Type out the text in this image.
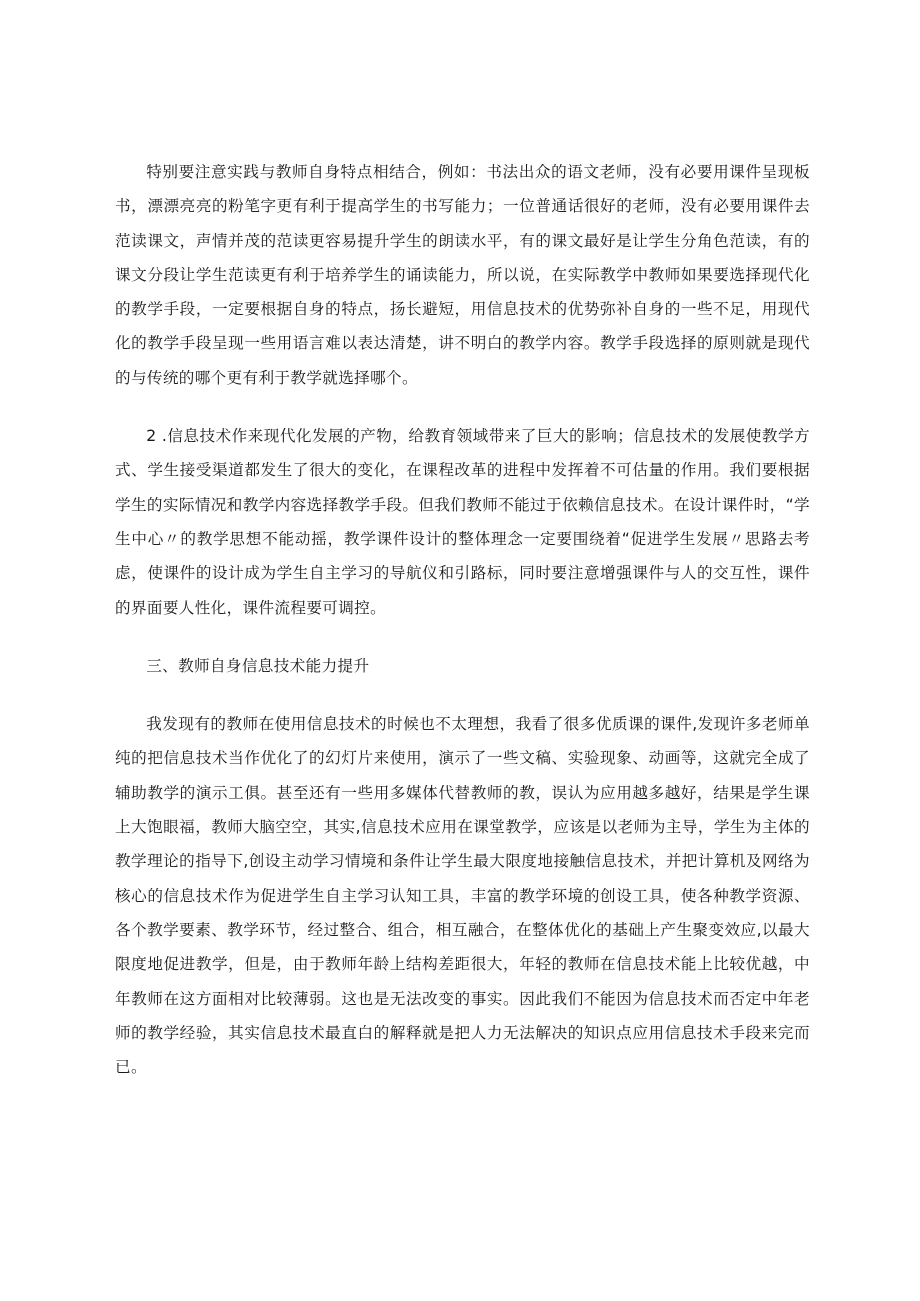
特别要注意实践与教师自身特点相结合，例如：书法出众的语文老师，没有必要用课件呈现板书，漂漂亮亮的粉笔字更有利于提高学生的书写能力；一位普通话很好的老师，没有必要用课件去范读课文，声情并茂的范读更容易提升学生的朗读水平，有的课文最好是让学生分角色范读，有的课文分段让学生范读更有利于培养学生的诵读能力，所以说，在实际教学中教师如果要选择现代化的教学手段，一定要根据自身的特点，扬长避短，用信息技术的优势弥补自身的一些不足，用现代化的教学手段呈现一些用语言难以表达清楚，讲不明白的教学内容。教学手段选择的原则就是现代的与传统的哪个更有利于教学就选择哪个。

2 .信息技术作来现代化发展的产物，给教育领域带来了巨大的影响；信息技术的发展使教学方式、学生接受渠道都发生了很大的变化，在课程改革的进程中发挥着不可估量的作用。我们要根据学生的实际情况和教学内容选择教学手段。但我们教师不能过于依赖信息技术。在设计课件时，“学生中心〃的教学思想不能动摇，教学课件设计的整体理念一定要围绕着“促进学生发展〃思路去考虑，使课件的设计成为学生自主学习的导航仪和引路标，同时要注意增强课件与人的交互性，课件的界面要人性化，课件流程要可调控。

三、教师自身信息技术能力提升

我发现有的教师在使用信息技术的时候也不太理想，我看了很多优质课的课件,发现许多老师单纯的把信息技术当作优化了的幻灯片来使用，演示了一些文稿、实验现象、动画等，这就完全成了辅助教学的演示工俱。甚至还有一些用多媒体代替教师的教，误认为应用越多越好，结果是学生课上大饱眼福，教师大脑空空，其实,信息技术应用在课堂教学，应该是以老师为主导，学生为主体的教学理论的指导下,创设主动学习情境和条件让学生最大限度地接触信息技术，并把计算机及网络为核心的信息技术作为促进学生自主学习认知工具，丰富的教学环境的创设工具，使各种教学资源、各个教学要素、教学环节，经过整合、组合，相互融合，在整体优化的基础上产生聚变效应,以最大限度地促进教学，但是，由于教师年龄上结构差距很大，年轻的教师在信息技术能上比较优越，中年教师在这方面相对比较薄弱。这也是无法改变的事实。因此我们不能因为信息技术而否定中年老师的教学经验，其实信息技术最直白的解释就是把人力无法解决的知识点应用信息技术手段来完而已。
